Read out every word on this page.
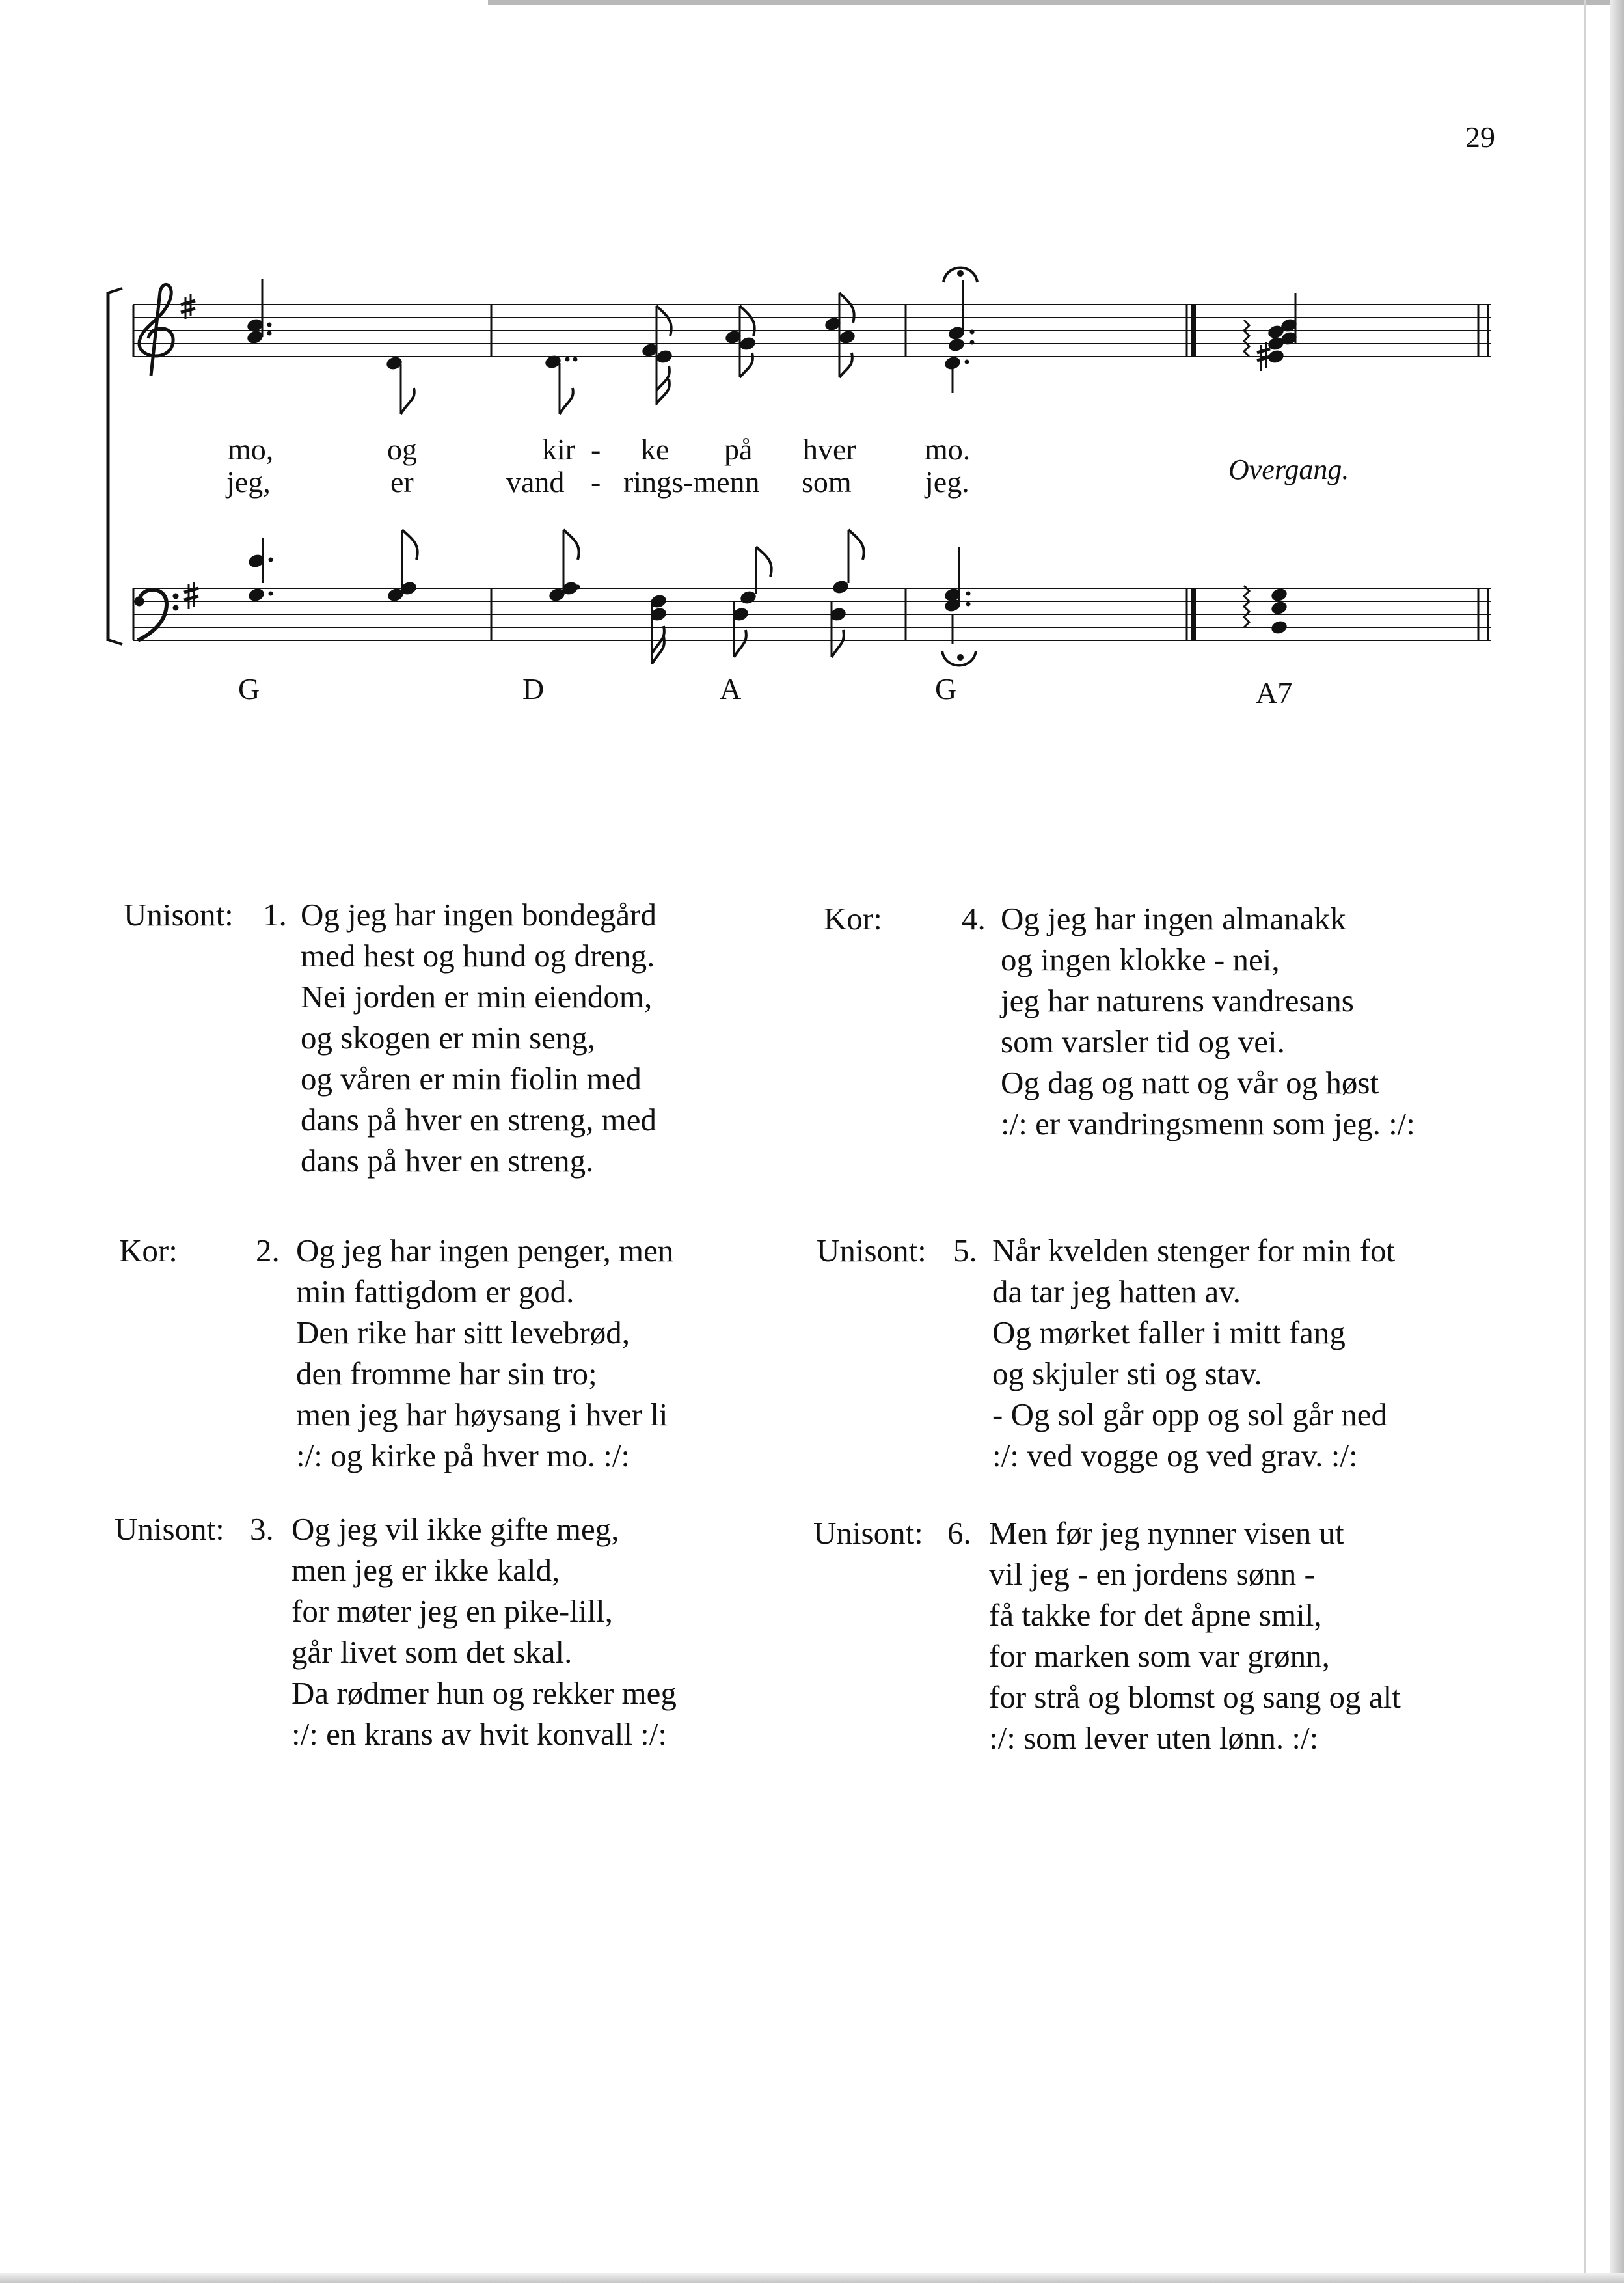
29
mo,	og	kir - ke på hver mo.
jeg,	er	vand - rings-menn som jeg.	Overgang.
G	D	A	G	A7
Unisont: 1. Og jeg har ingen bondegård
med hest og hund og dreng.
Nei jorden er min eiendom,
og skogen er min seng,
og våren er min fiolin med
dans på hver en streng, med
dans på hver en streng.
Kor: 2. Og jeg har ingen penger, men
min fattigdom er god.
Den rike har sitt levebrød,
den fromme har sin tro;
men jeg har høysang i hver li
:/: og kirke på hver mo. :/:
Unisont: 3. Og jeg vil ikke gifte meg,
men jeg er ikke kald,
for møter jeg en pike-lill,
går livet som det skal.
Da rødmer hun og rekker meg
:/: en krans av hvit konvall :/:
Kor: 4. Og jeg har ingen almanakk
og ingen klokke - nei,
jeg har naturens vandresans
som varsler tid og vei.
Og dag og natt og vår og høst
:/: er vandringsmenn som jeg. :/:
Unisont: 5. Når kvelden stenger for min fot
da tar jeg hatten av.
Og mørket faller i mitt fang
og skjuler sti og stav.
- Og sol går opp og sol går ned
:/: ved vogge og ved grav. :/:
Unisont: 6. Men før jeg nynner visen ut
vil jeg - en jordens sønn -
få takke for det åpne smil,
for marken som var grønn,
for strå og blomst og sang og alt
:/: som lever uten lønn. :/:
